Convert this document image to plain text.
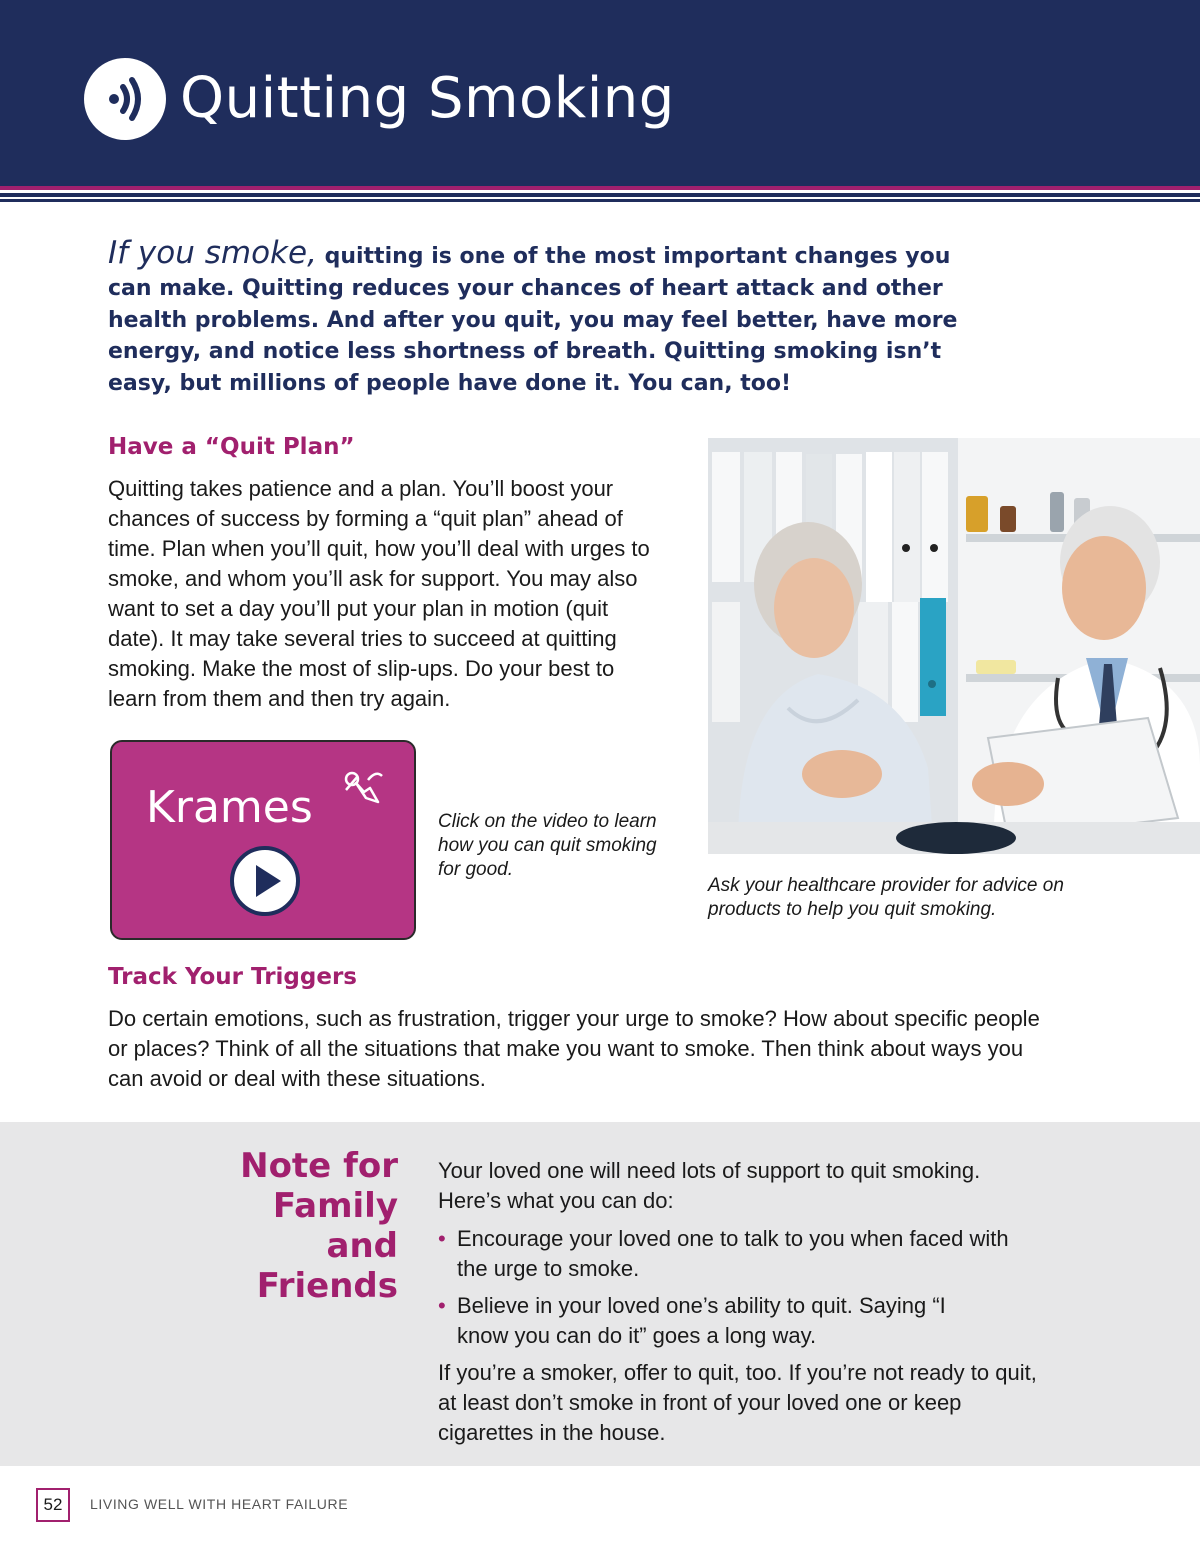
Quitting Smoking
If you smoke, quitting is one of the most important changes you can make. Quitting reduces your chances of heart attack and other health problems. And after you quit, you may feel better, have more energy, and notice less shortness of breath. Quitting smoking isn’t easy, but millions of people have done it. You can, too!
Have a “Quit Plan”
Quitting takes patience and a plan. You’ll boost your chances of success by forming a “quit plan” ahead of time. Plan when you’ll quit, how you’ll deal with urges to smoke, and whom you’ll ask for support. You may also want to set a day you’ll put your plan in motion (quit date). It may take several tries to succeed at quitting smoking. Make the most of slip-ups. Do your best to learn from them and then try again.
Krames	Click on the video to learn how you can quit smoking for good.
Ask your healthcare provider for advice on products to help you quit smoking.
Track Your Triggers
Do certain emotions, such as frustration, trigger your urge to smoke? How about specific people or places? Think of all the situations that make you want to smoke. Then think about ways you can avoid or deal with these situations.
Note for
Family
and
Friends
Your loved one will need lots of support to quit smoking. Here’s what you can do:
• Encourage your loved one to talk to you when faced with the urge to smoke.
• Believe in your loved one’s ability to quit. Saying “I know you can do it” goes a long way.
If you’re a smoker, offer to quit, too. If you’re not ready to quit, at least don’t smoke in front of your loved one or keep cigarettes in the house.
52	LIVING WELL WITH HEART FAILURE
